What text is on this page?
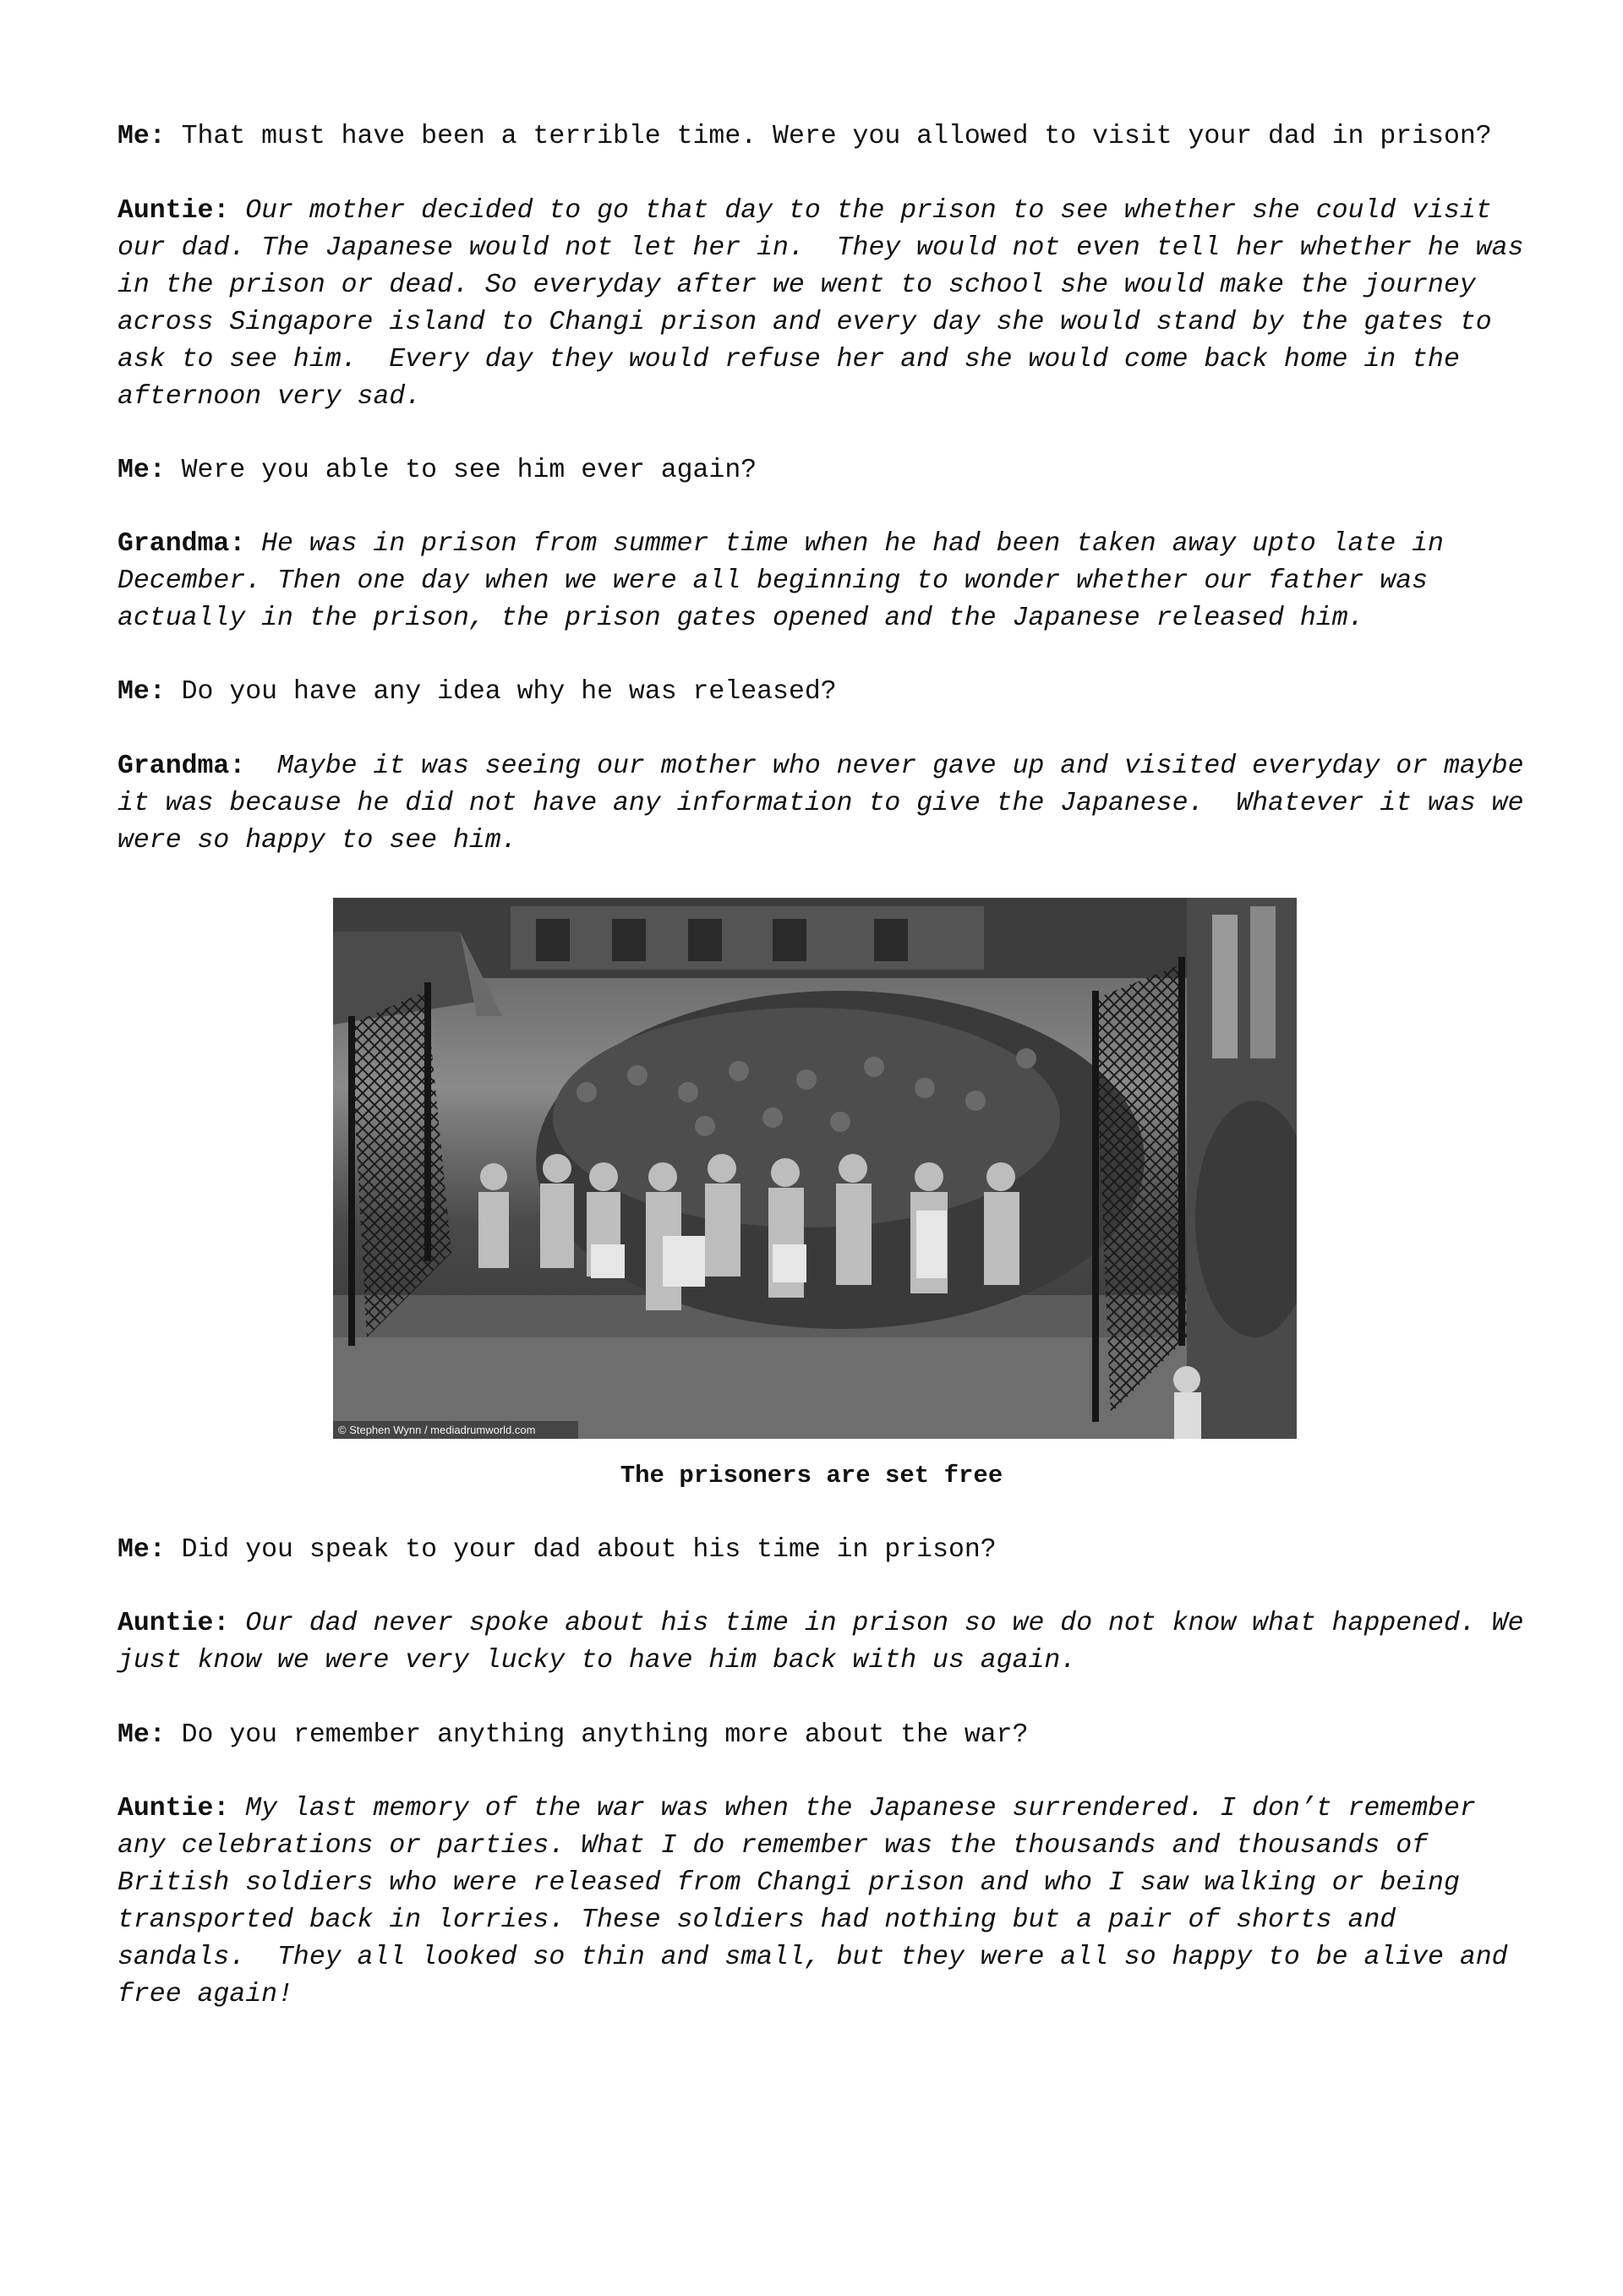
Me: That must have been a terrible time. Were you allowed to visit your dad in prison?

Auntie: Our mother decided to go that day to the prison to see whether she could visit our dad. The Japanese would not let her in.  They would not even tell her whether he was in the prison or dead. So everyday after we went to school she would make the journey across Singapore island to Changi prison and every day she would stand by the gates to ask to see him.  Every day they would refuse her and she would come back home in the afternoon very sad.

Me: Were you able to see him ever again?

Grandma: He was in prison from summer time when he had been taken away upto late in December. Then one day when we were all beginning to wonder whether our father was actually in the prison, the prison gates opened and the Japanese released him.

Me: Do you have any idea why he was released?

Grandma:  Maybe it was seeing our mother who never gave up and visited everyday or maybe it was because he did not have any information to give the Japanese.  Whatever it was we were so happy to see him.

© Stephen Wynn / mediadrumworld.com

The prisoners are set free

Me: Did you speak to your dad about his time in prison?

Auntie: Our dad never spoke about his time in prison so we do not know what happened. We just know we were very lucky to have him back with us again.

Me: Do you remember anything anything more about the war?

Auntie: My last memory of the war was when the Japanese surrendered. I don’t remember any celebrations or parties. What I do remember was the thousands and thousands of British soldiers who were released from Changi prison and who I saw walking or being transported back in lorries. These soldiers had nothing but a pair of shorts and sandals.  They all looked so thin and small, but they were all so happy to be alive and free again!
